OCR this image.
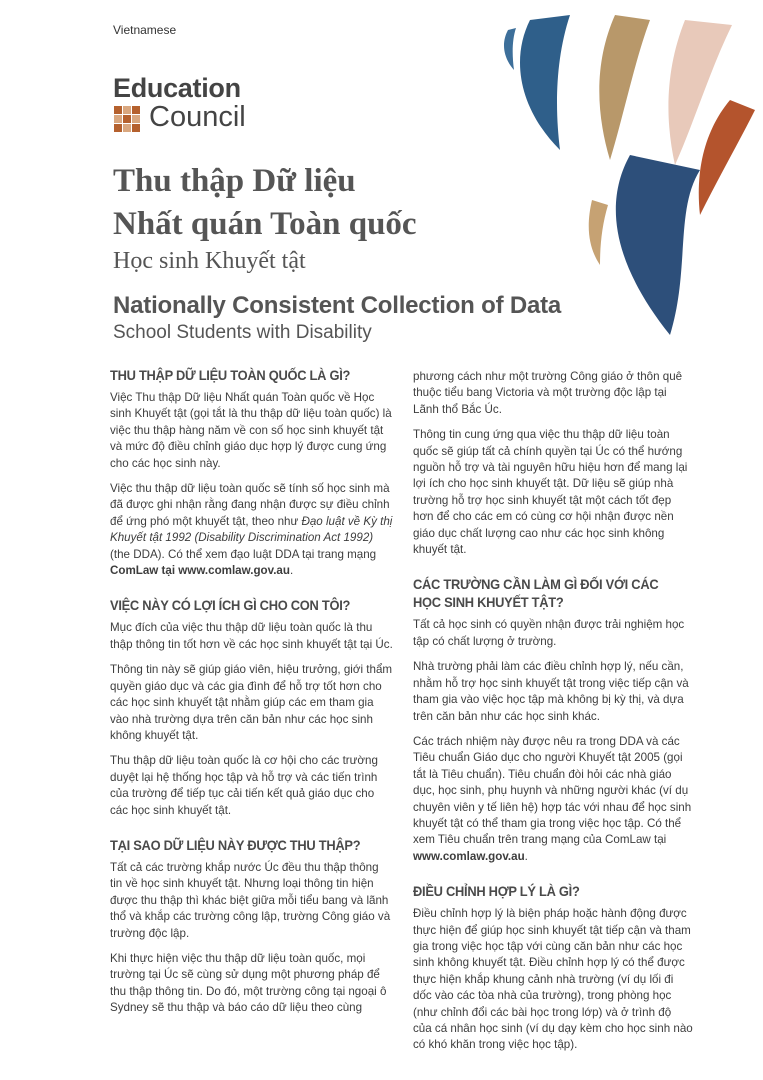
Vietnamese
Education
Council
Thu thập Dữ liệu
Nhất quán Toàn quốc
Học sinh Khuyết tật
Nationally Consistent Collection of Data
School Students with Disability
THU THẬP DỮ LIỆU TOÀN QUỐC LÀ GÌ?

Việc Thu thập Dữ liệu Nhất quán Toàn quốc về Học sinh Khuyết tật (gọi tắt là thu thập dữ liệu toàn quốc) là việc thu thập hàng năm về con số học sinh khuyết tật và mức độ điều chỉnh giáo dục hợp lý được cung ứng cho các học sinh này.

Việc thu thập dữ liệu toàn quốc sẽ tính số học sinh mà đã được ghi nhận rằng đang nhận được sự điều chỉnh để ứng phó một khuyết tật, theo như Đạo luật về Kỳ thị Khuyết tật 1992 (Disability Discrimination Act 1992) (the DDA). Có thể xem đạo luật DDA tại trang mạng ComLaw tại www.comlaw.gov.au.

VIỆC NÀY CÓ LỢI ÍCH GÌ CHO CON TÔI?

Mục đích của việc thu thập dữ liệu toàn quốc là thu thập thông tin tốt hơn về các học sinh khuyết tật tại Úc.

Thông tin này sẽ giúp giáo viên, hiệu trưởng, giới thẩm quyền giáo dục và các gia đình để hỗ trợ tốt hơn cho các học sinh khuyết tật nhằm giúp các em tham gia vào nhà trường dựa trên căn bản như các học sinh không khuyết tật.

Thu thập dữ liệu toàn quốc là cơ hội cho các trường duyệt lại hệ thống học tập và hỗ trợ và các tiến trình của trường để tiếp tục cải tiến kết quả giáo dục cho các học sinh khuyết tật.

TẠI SAO DỮ LIỆU NÀY ĐƯỢC THU THẬP?

Tất cả các trường khắp nước Úc đều thu thập thông tin về học sinh khuyết tật. Nhưng loại thông tin hiện được thu thập thì khác biệt giữa mỗi tiểu bang và lãnh thổ và khắp các trường công lập, trường Công giáo và trường độc lập.

Khi thực hiện việc thu thập dữ liệu toàn quốc, mọi trường tại Úc sẽ cùng sử dụng một phương pháp để thu thập thông tin. Do đó, một trường công tại ngoại ô Sydney sẽ thu thập và báo cáo dữ liệu theo cùng

phương cách như một trường Công giáo ở thôn quê thuộc tiểu bang Victoria và một trường độc lập tại Lãnh thổ Bắc Úc.

Thông tin cung ứng qua việc thu thập dữ liệu toàn quốc sẽ giúp tất cả chính quyền tại Úc có thể hướng nguồn hỗ trợ và tài nguyên hữu hiệu hơn để mang lại lợi ích cho học sinh khuyết tật. Dữ liệu sẽ giúp nhà trường hỗ trợ học sinh khuyết tật một cách tốt đẹp hơn để cho các em có cùng cơ hội nhận được nền giáo dục chất lượng cao như các học sinh không khuyết tật.

CÁC TRƯỜNG CẦN LÀM GÌ ĐỐI VỚI CÁC HỌC SINH KHUYẾT TẬT?

Tất cả học sinh có quyền nhận được trải nghiệm học tập có chất lượng ở trường.

Nhà trường phải làm các điều chỉnh hợp lý, nếu cần, nhằm hỗ trợ học sinh khuyết tật trong việc tiếp cận và tham gia vào việc học tập mà không bị kỳ thị, và dựa trên căn bản như các học sinh khác.

Các trách nhiệm này được nêu ra trong DDA và các Tiêu chuẩn Giáo dục cho người Khuyết tật 2005 (gọi tắt là Tiêu chuẩn). Tiêu chuẩn đòi hỏi các nhà giáo dục, học sinh, phụ huynh và những người khác (ví dụ chuyên viên y tế liên hệ) hợp tác với nhau để học sinh khuyết tật có thể tham gia trong việc học tập. Có thể xem Tiêu chuẩn trên trang mạng của ComLaw tại www.comlaw.gov.au.

ĐIỀU CHỈNH HỢP LÝ LÀ GÌ?

Điều chỉnh hợp lý là biện pháp hoặc hành động được thực hiện để giúp học sinh khuyết tật tiếp cận và tham gia trong việc học tập với cùng căn bản như các học sinh không khuyết tật. Điều chỉnh hợp lý có thể được thực hiện khắp khung cảnh nhà trường (ví dụ lối đi dốc vào các tòa nhà của trường), trong phòng học (như chỉnh đổi các bài học trong lớp) và ở trình độ của cá nhân học sinh (ví dụ dạy kèm cho học sinh nào có khó khăn trong việc học tập).
